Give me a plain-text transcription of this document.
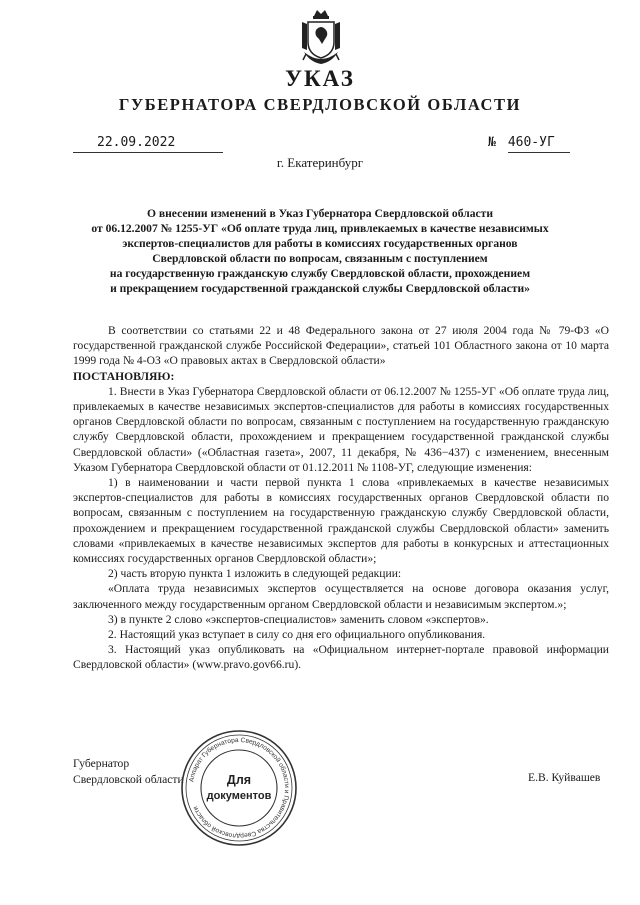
УКАЗ
ГУБЕРНАТОРА СВЕРДЛОВСКОЙ ОБЛАСТИ
22.09.2022	№ 460-УГ
г. Екатеринбург
О внесении изменений в Указ Губернатора Свердловской области
от 06.12.2007 № 1255-УГ «Об оплате труда лиц, привлекаемых в качестве независимых
экспертов-специалистов для работы в комиссиях государственных органов
Свердловской области по вопросам, связанным с поступлением
на государственную гражданскую службу Свердловской области, прохождением
и прекращением государственной гражданской службы Свердловской области»

В соответствии со статьями 22 и 48 Федерального закона от 27 июля 2004 года № 79-ФЗ «О государственной гражданской службе Российской Федерации», статьей 101 Областного закона от 10 марта 1999 года № 4-ОЗ «О правовых актах в Свердловской области»

ПОСТАНОВЛЯЮ:

1. Внести в Указ Губернатора Свердловской области от 06.12.2007 № 1255-УГ «Об оплате труда лиц, привлекаемых в качестве независимых экспертов-специалистов для работы в комиссиях государственных органов Свердловской области по вопросам, связанным с поступлением на государственную гражданскую службу Свердловской области, прохождением и прекращением государственной гражданской службы Свердловской области» («Областная газета», 2007, 11 декабря, № 436−437) с изменением, внесенным Указом Губернатора Свердловской области от 01.12.2011 № 1108-УГ, следующие изменения:

1) в наименовании и части первой пункта 1 слова «привлекаемых в качестве независимых экспертов-специалистов для работы в комиссиях государственных органов Свердловской области по вопросам, связанным с поступлением на государственную гражданскую службу Свердловской области, прохождением и прекращением государственной гражданской службы Свердловской области» заменить словами «привлекаемых в качестве независимых экспертов для работы в конкурсных и аттестационных комиссиях государственных органов Свердловской области»;

2) часть вторую пункта 1 изложить в следующей редакции:

«Оплата труда независимых экспертов осуществляется на основе договора оказания услуг, заключенного между государственным органом Свердловской области и независимым экспертом.»;

3) в пункте 2 слово «экспертов-специалистов» заменить словом «экспертов».

2. Настоящий указ вступает в силу со дня его официального опубликования.

3. Настоящий указ опубликовать на «Официальном интернет-портале правовой информации Свердловской области» (www.pravo.gov66.ru).

Губернатор
Свердловской области	Е.В. Куйвашев
Аппарат Губернатора Свердловской области и Правительства Свердловской области
Для
документов
